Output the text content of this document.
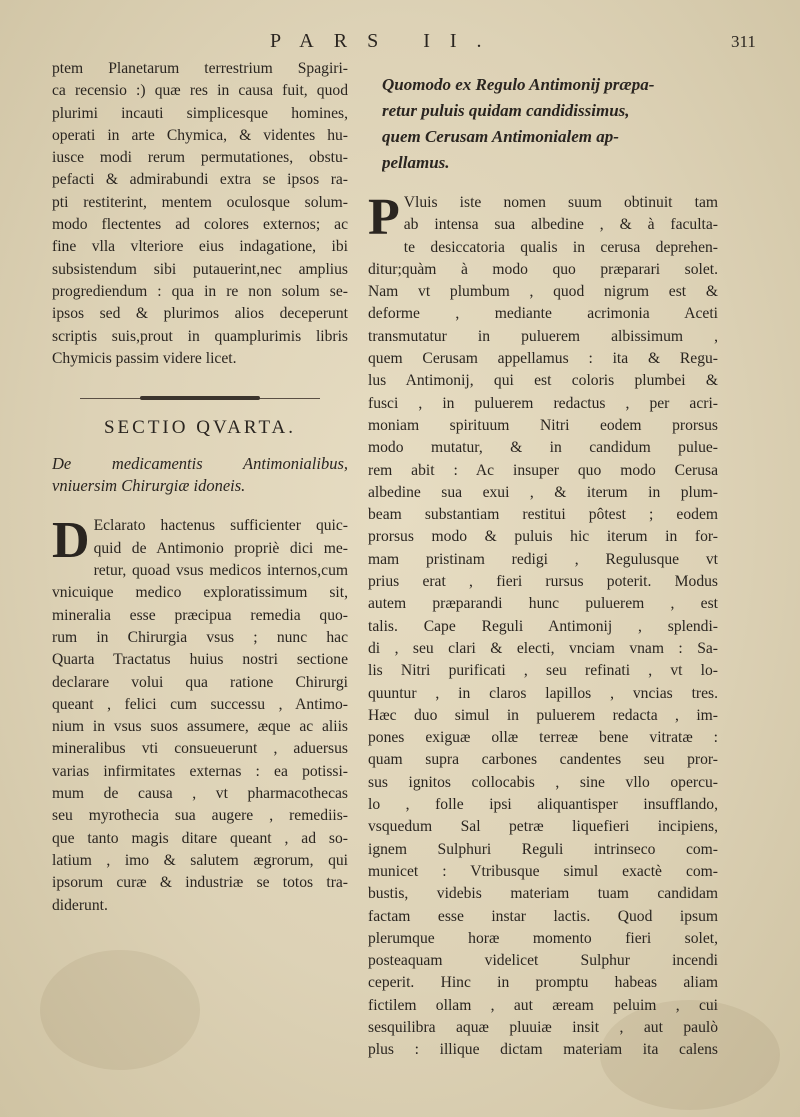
PARS II.	311
ptem Planetarum terrestrium Spagiri-
ca recensio :) quæ res in causa fuit, quod
plurimi incauti simplicesque homines,
operati in arte Chymica, & videntes hu-
iusce modi rerum permutationes, obstu-
pefacti & admirabundi extra se ipsos ra-
pti restiterint, mentem oculosque solum-
modo flectentes ad colores externos; ac
fine vlla vlteriore eius indagatione, ibi
subsistendum sibi putauerint,nec amplius
progrediendum : qua in re non solum se-
ipsos sed & plurimos alios deceperunt
scriptis suis,prout in quamplurimis libris
Chymicis passim videre licet.
SECTIO QVARTA.
De medicamentis Antimonialibus,
vniuersim Chirurgiæ idoneis.
D Eclarato hactenus sufficienter quic-
quid de Antimonio propriè dici me-
retur, quoad vsus medicos internos,cum
vnicuique medico exploratissimum sit,
mineralia esse præcipua remedia quo-
rum in Chirurgia vsus ; nunc hac
Quarta Tractatus huius nostri sectione
declarare volui qua ratione Chirurgi
queant , felici cum successu , Antimo-
nium in vsus suos assumere, æque ac aliis
mineralibus vti consueuerunt , aduersus
varias infirmitates externas : ea potissi-
mum de causa , vt pharmacothecas
seu myrothecia sua augere , remediis-
que tanto magis ditare queant , ad so-
latium , imo & salutem ægrorum, qui
ipsorum curæ & industriæ se totos tra-
diderunt.
Quomodo ex Regulo Antimonij præpa-
retur puluis quidam candidissimus,
quem Cerusam Antimonialem ap-
pellamus.
P Vluis iste nomen suum obtinuit tam
ab intensa sua albedine , & à faculta-
te desiccatoria qualis in cerusa deprehen-
ditur;quàm à modo quo præparari solet.
Nam vt plumbum , quod nigrum est &
deforme , mediante acrimonia Aceti
transmutatur in puluerem albissimum ,
quem Cerusam appellamus : ita & Regu-
lus Antimonij, qui est coloris plumbei &
fusci , in puluerem redactus , per acri-
moniam spirituum Nitri eodem prorsus
modo mutatur, & in candidum pulue-
rem abit : Ac insuper quo modo Cerusa
albedine sua exui , & iterum in plum-
beam substantiam restitui pôtest ; eodem
prorsus modo & puluis hic iterum in for-
mam pristinam redigi , Regulusque vt
prius erat , fieri rursus poterit. Modus
autem præparandi hunc puluerem , est
talis. Cape Reguli Antimonij , splendi-
di , seu clari & electi, vnciam vnam : Sa-
lis Nitri purificati , seu refinati , vt lo-
quuntur , in claros lapillos , vncias tres.
Hæc duo simul in puluerem redacta , im-
pones exiguæ ollæ terreæ bene vitratæ :
quam supra carbones candentes seu pror-
sus ignitos collocabis , sine vllo opercu-
lo , folle ipsi aliquantisper insufflando,
vsquedum Sal petræ liquefieri incipiens,
ignem Sulphuri Reguli intrinseco com-
municet : Vtribusque simul exactè com-
bustis, videbis materiam tuam candidam
factam esse instar lactis. Quod ipsum
plerumque horæ momento fieri solet,
posteaquam videlicet Sulphur incendi
ceperit. Hinc in promptu habeas aliam
fictilem ollam , aut æream peluim , cui
sesquilibra aquæ pluuiæ insit , aut paulò
plus : illique dictam materiam ita calens
